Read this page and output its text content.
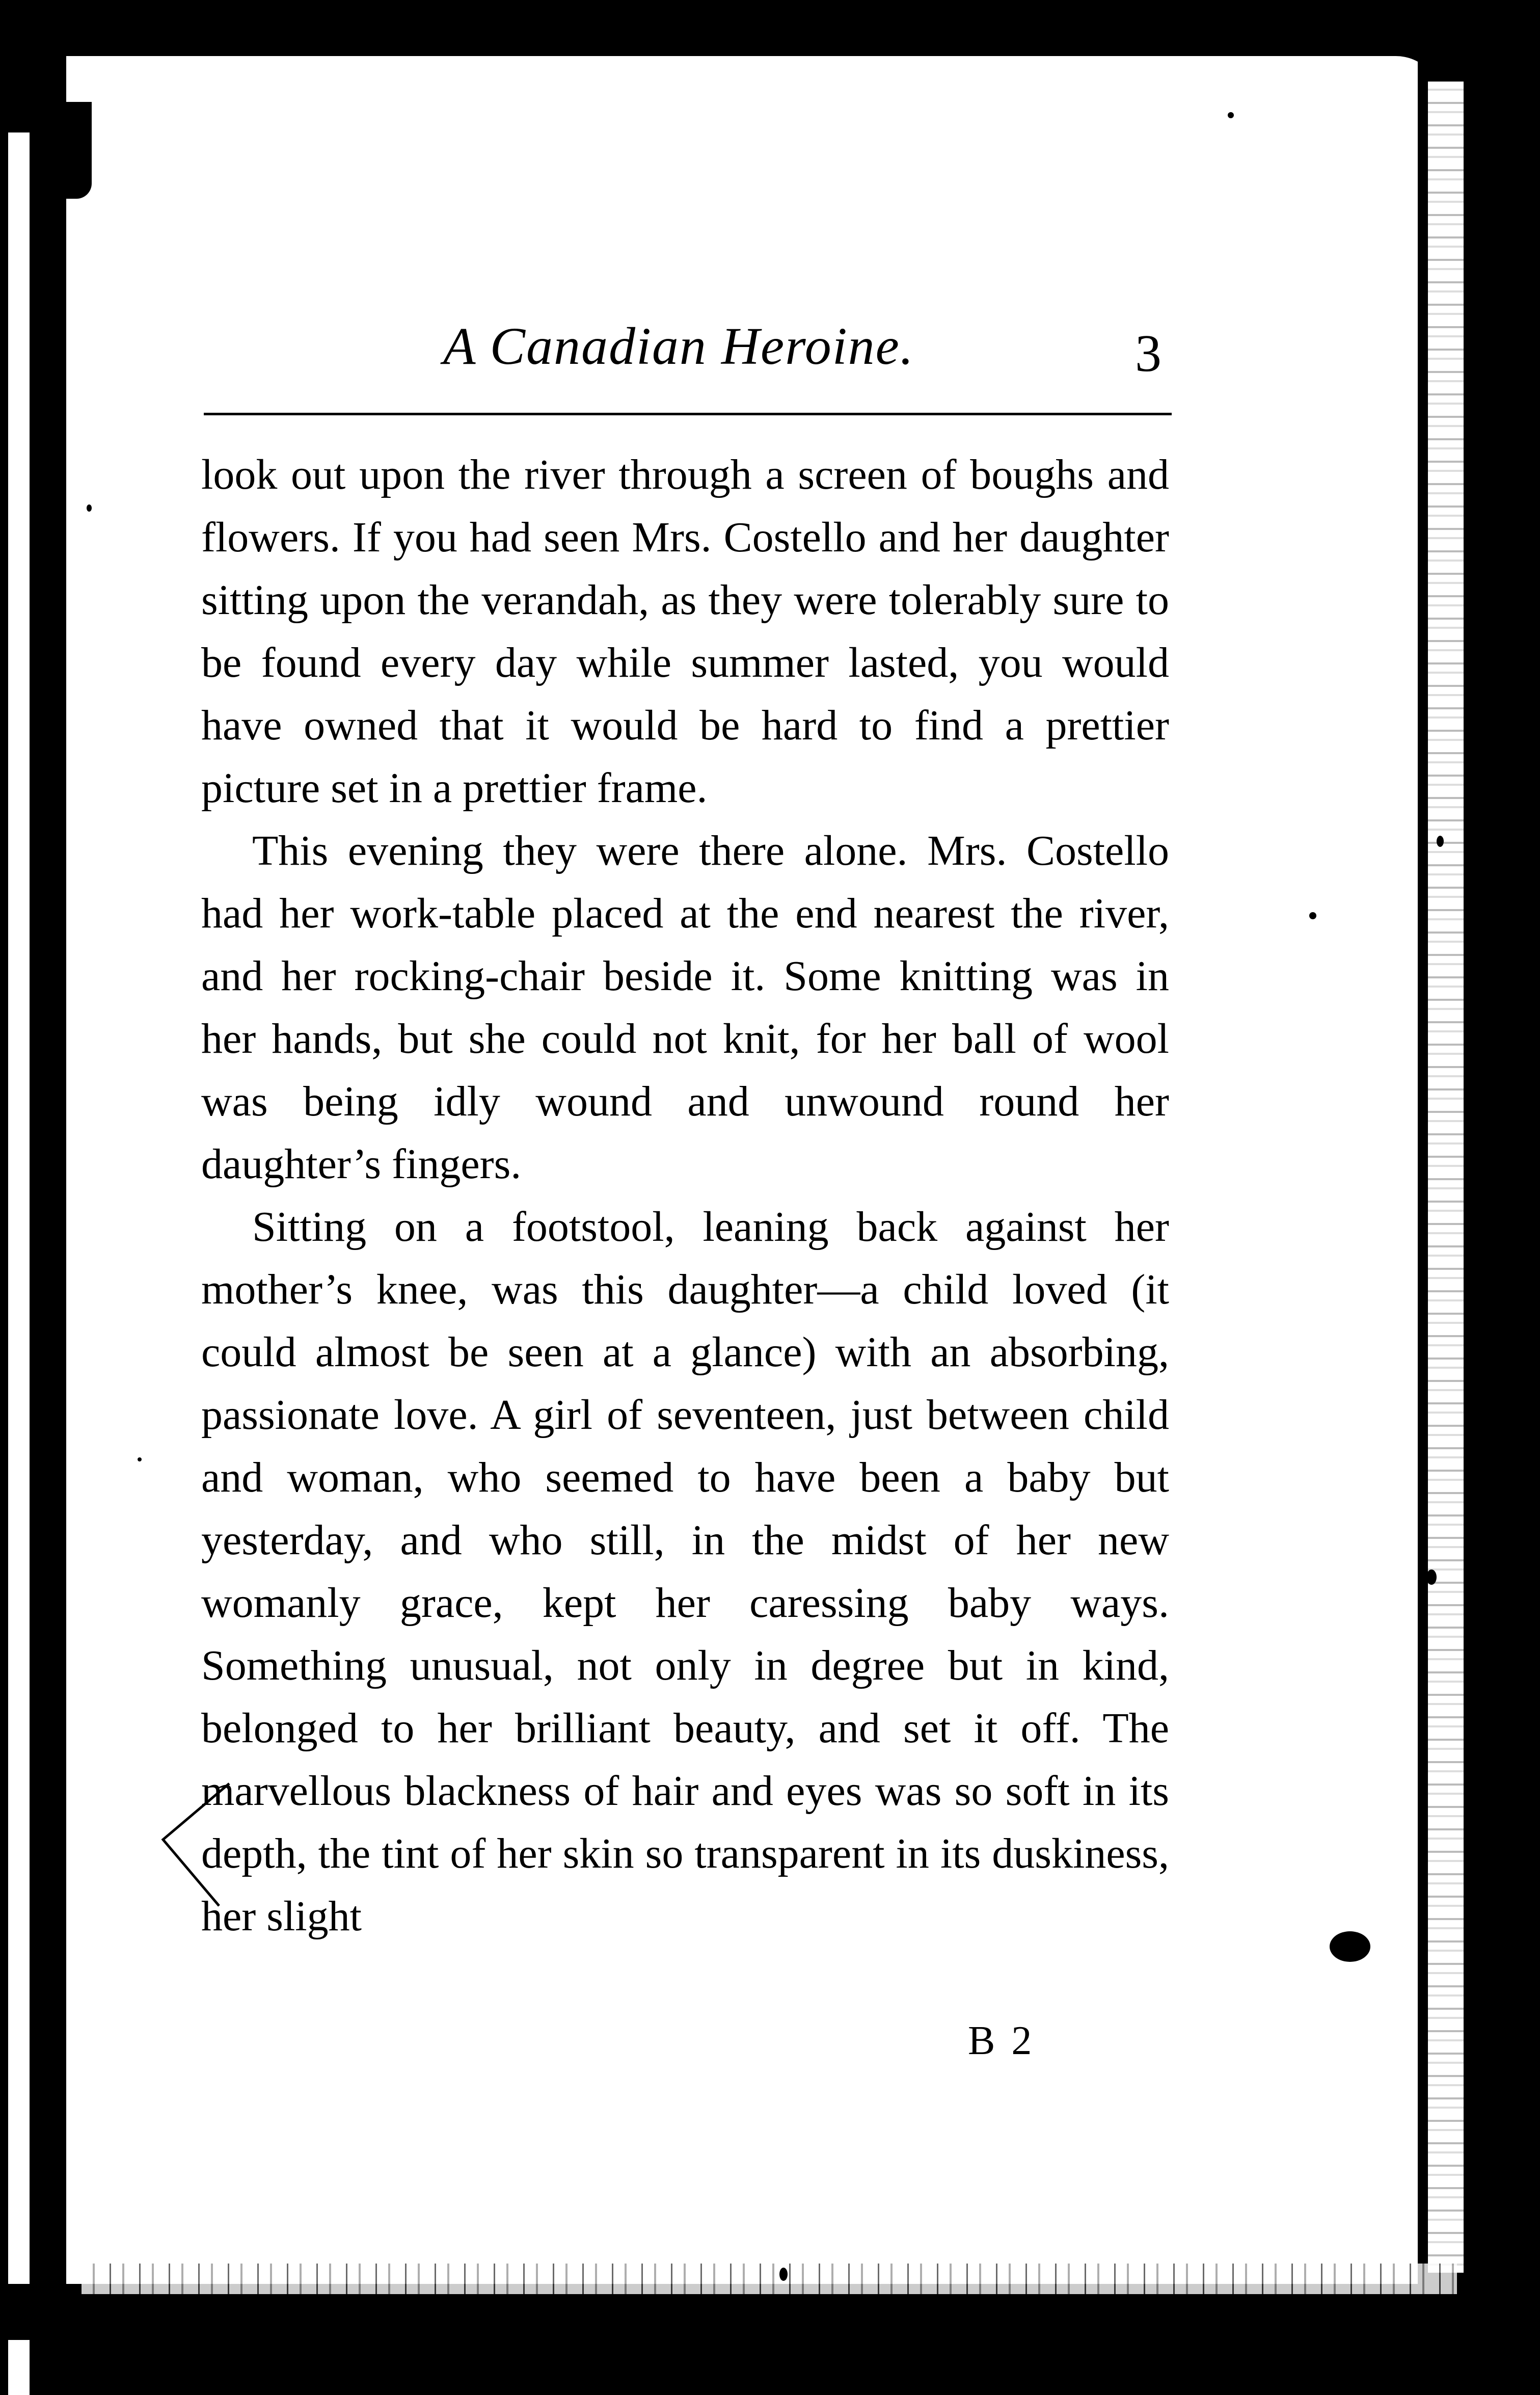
A Canadian Heroine.	3

look out upon the river through a screen of boughs and flowers. If you had seen Mrs. Costello and her daughter sitting upon the verandah, as they were tolerably sure to be found every day while summer lasted, you would have owned that it would be hard to find a prettier picture set in a prettier frame.

This evening they were there alone. Mrs. Costello had her work-table placed at the end nearest the river, and her rocking-chair beside it. Some knitting was in her hands, but she could not knit, for her ball of wool was being idly wound and unwound round her daughter’s fingers.

Sitting on a footstool, leaning back against her mother’s knee, was this daughter—a child loved (it could almost be seen at a glance) with an absorbing, passionate love. A girl of seventeen, just between child and woman, who seemed to have been a baby but yesterday, and who still, in the midst of her new womanly grace, kept her caressing baby ways. Something unusual, not only in degree but in kind, belonged to her brilliant beauty, and set it off. The marvellous blackness of hair and eyes was so soft in its depth, the tint of her skin so transparent in its duskiness, her slight

B 2
